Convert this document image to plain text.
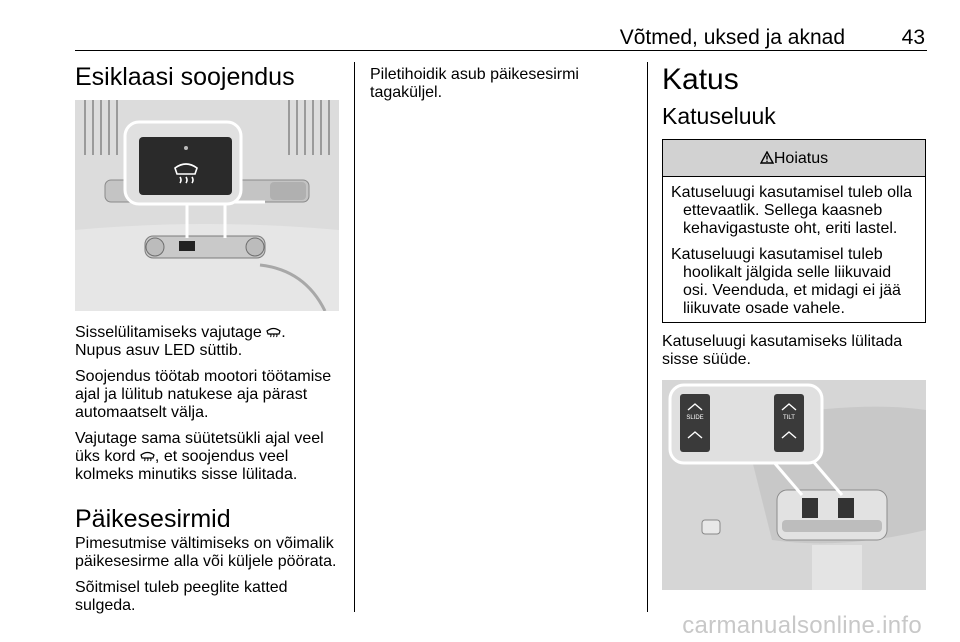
Võtmed, uksed ja aknad	43
Esiklaasi soojendus

Sisselülitamiseks vajutage .
Nupus asuv LED süttib.

Soojendus töötab mootori töötamise ajal ja lülitub natukese aja pärast automaatselt välja.

Vajutage sama süütetsükli ajal veel üks kord , et soojendus veel kolmeks minutiks sisse lülitada.

Päikesesirmid

Pimesutmise vältimiseks on võimalik päikesesirme alla või küljele pöörata.

Sõitmisel tuleb peeglite katted sulgeda.

Piletihoidik asub päikesesirmi tagaküljel.	Katus
Katuseluuk
Hoiatus

Katuseluugi kasutamisel tuleb olla ettevaatlik. Sellega kaasneb kehavigastuste oht, eriti lastel.

Katuseluugi kasutamisel tuleb hoolikalt jälgida selle liikuvaid osi. Veenduda, et midagi ei jää liikuvate osade vahele.

Katuseluugi kasutamiseks lülitada sisse süüde.

SLIDE	TILT
carmanualsonline.info
